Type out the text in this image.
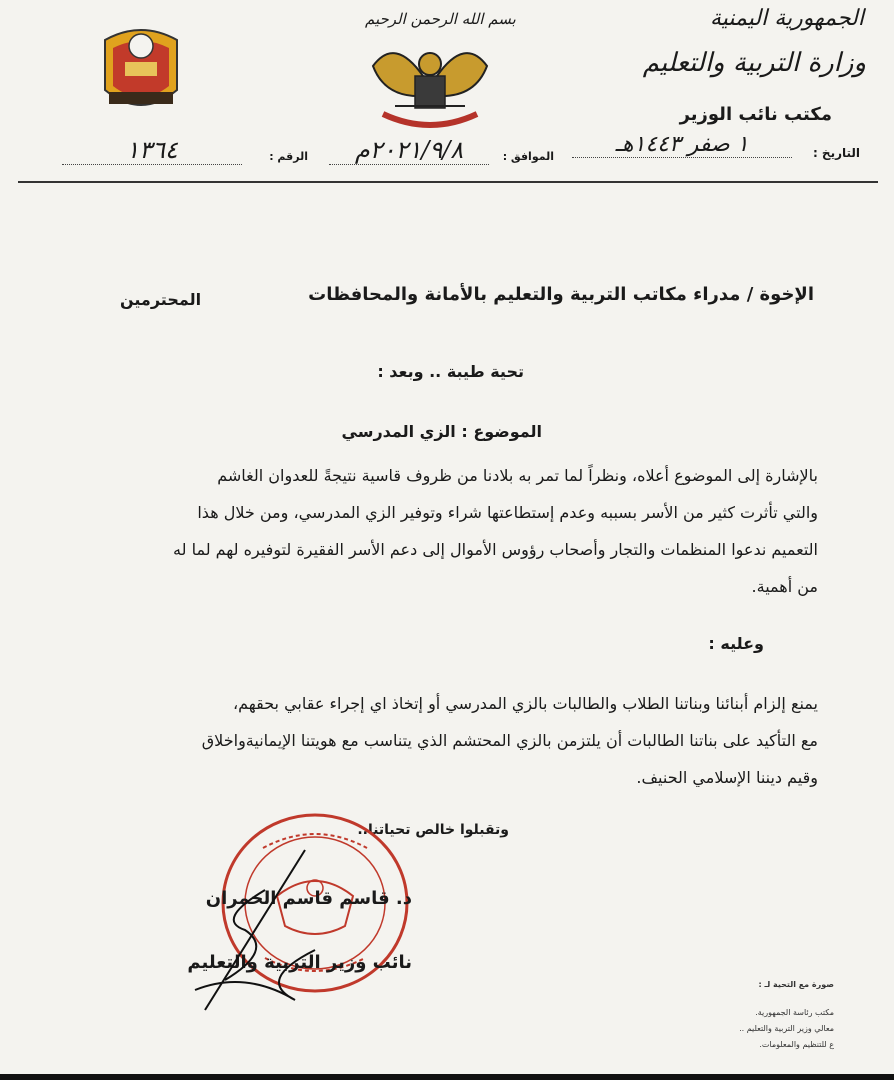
بسم الله الرحمن الرحيم	الجمهورية اليمنية
وزارة التربية والتعليم
مكتب نائب الوزير
التاريخ :
١ صفر ١٤٤٣هـ
الموافق :
٢٠٢١/٩/٨م
الرقم :
١٣٦٤
الإخوة / مدراء مكاتب التربية والتعليم بالأمانة والمحافظات
المحترمين
تحية طيبة .. وبعد :
الموضوع : الزي المدرسي
بالإشارة إلى الموضوع أعلاه، ونظراً لما تمر به بلادنا من ظروف قاسية نتيجةً للعدوان الغاشم
والتي تأثرت كثير من الأسر بسببه وعدم إستطاعتها شراء وتوفير الزي المدرسي، ومن خلال هذا
التعميم ندعوا المنظمات والتجار وأصحاب رؤوس الأموال إلى دعم الأسر الفقيرة لتوفيره لهم لما له
من أهمية.
وعليه :
يمنع إلزام أبنائنا وبناتنا الطلاب والطالبات بالزي المدرسي أو إتخاذ اي إجراء عقابي بحقهم،
مع التأكيد على بناتنا الطالبات أن يلتزمن بالزي المحتشم الذي يتناسب مع هويتنا الإيمانيةواخلاق
وقيم ديننا الإسلامي الحنيف.
وتقبلوا خالص تحياتنا..
د. قاسم قاسم الحمران
نائب وزير التربية والتعليم
صورة مع التحية لـ :
مكتب رئاسة الجمهورية.
معالي وزير التربية والتعليم ..
ع للتنظيم والمعلومات.
